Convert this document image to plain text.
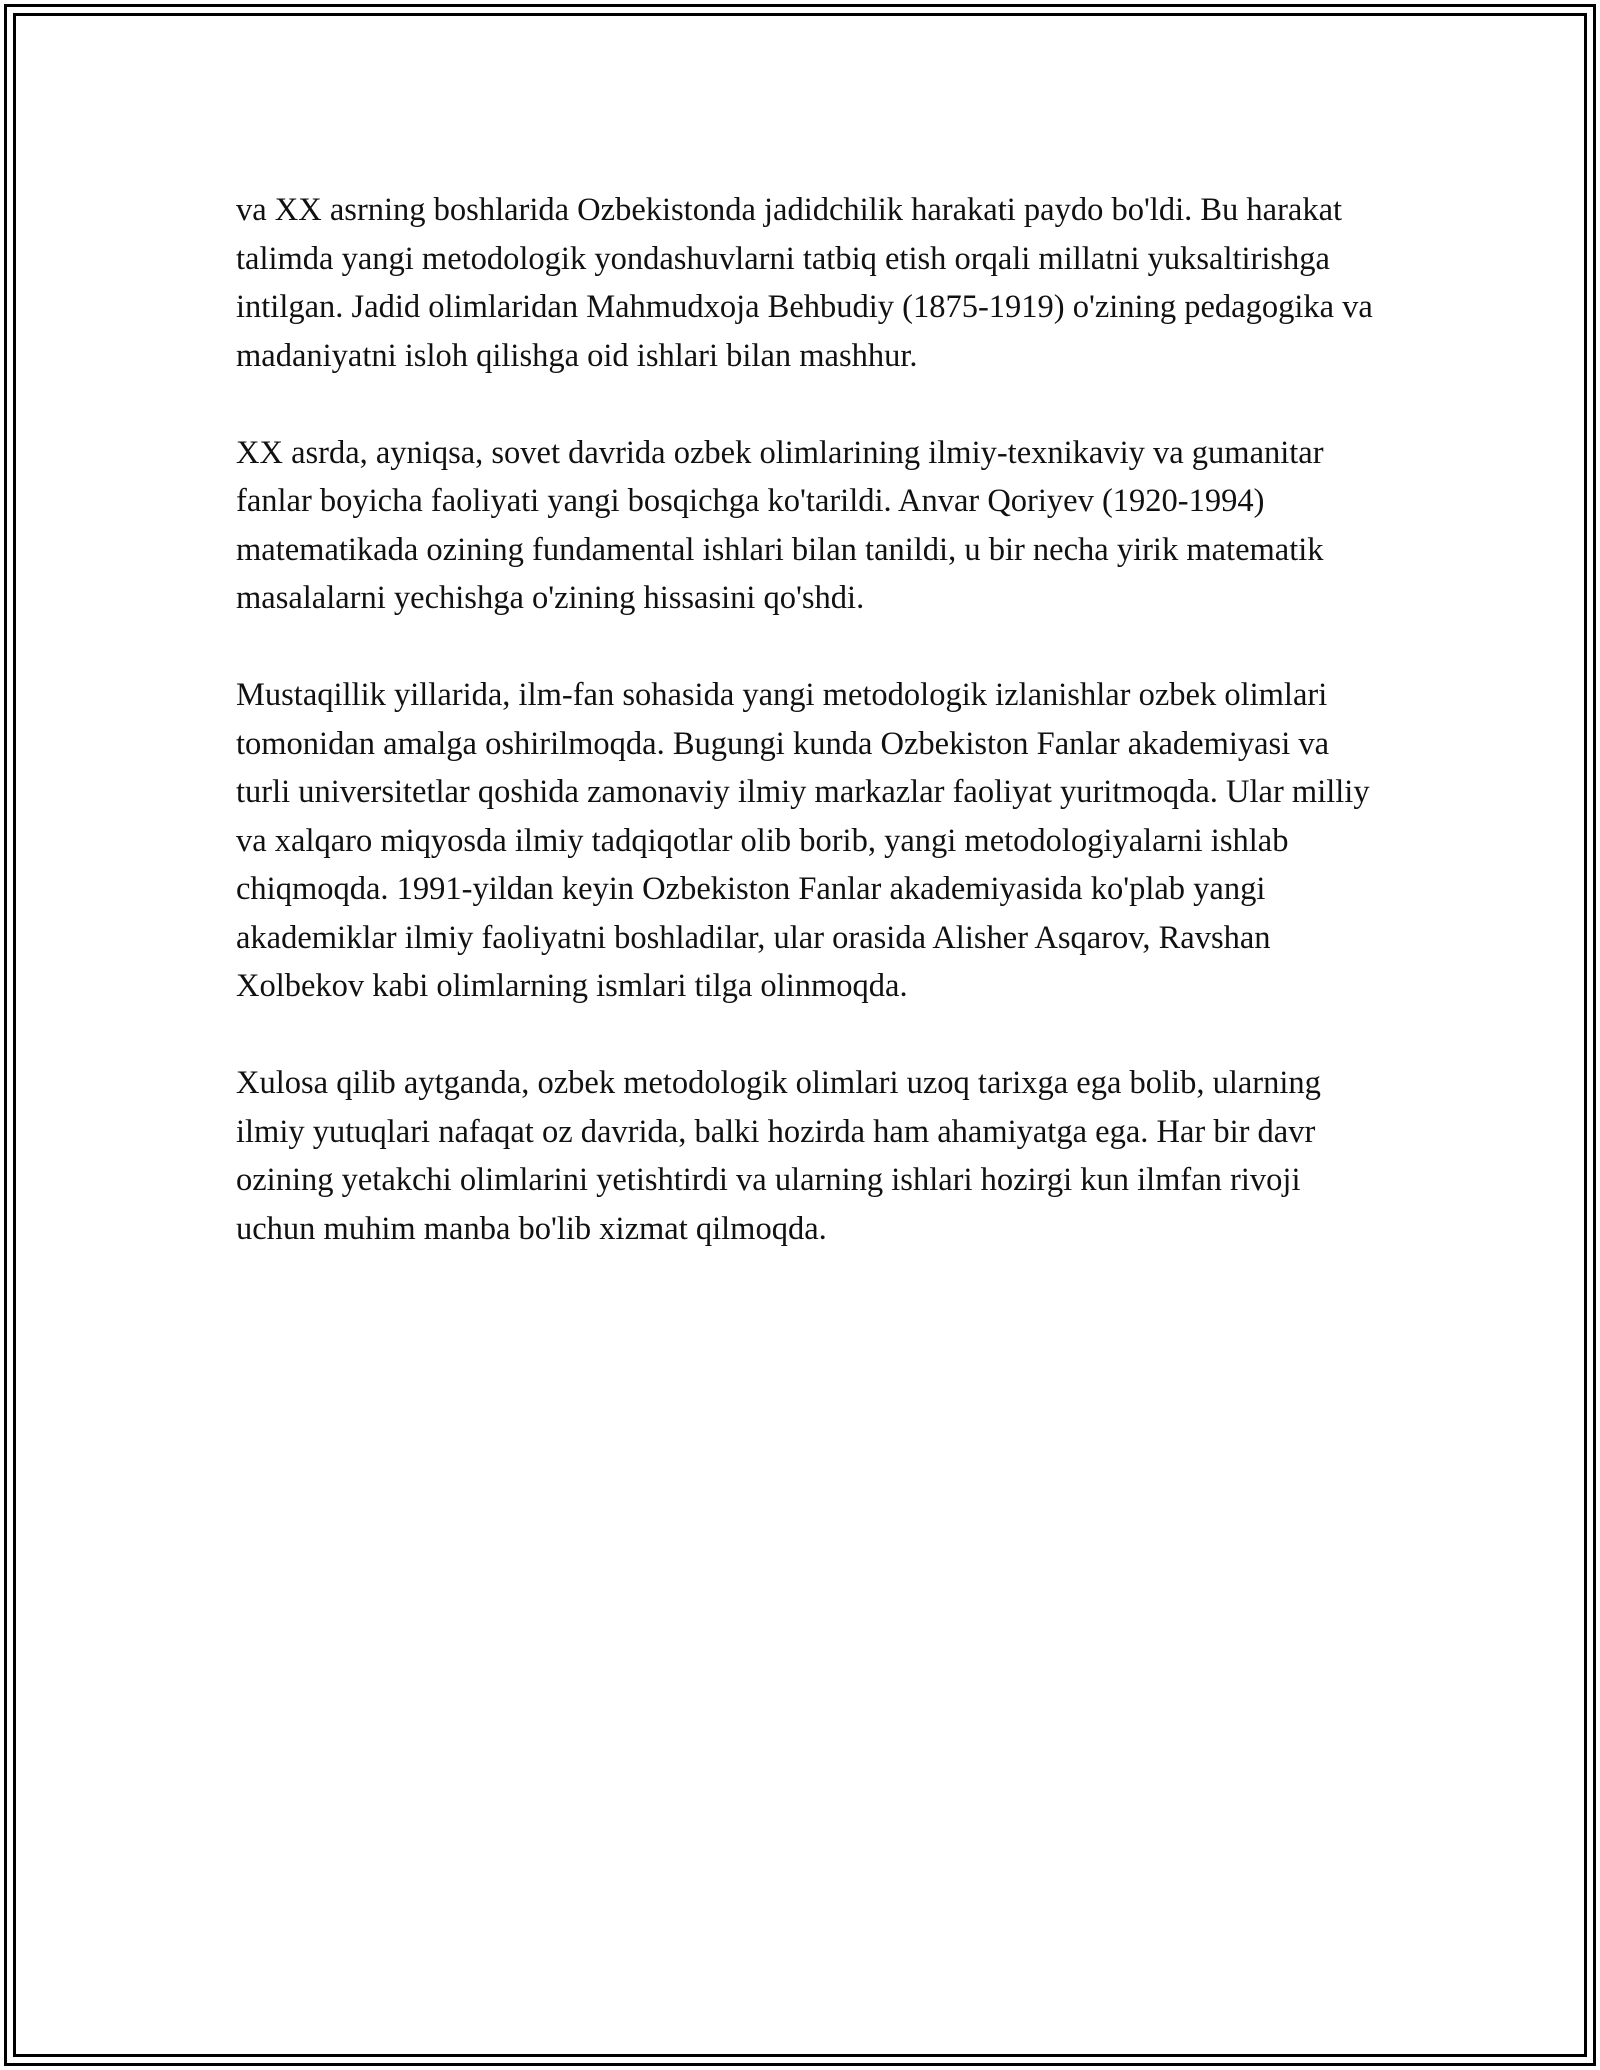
va XX asrning boshlarida Ozbekistonda jadidchilik harakati paydo bo'ldi. Bu harakat talimda yangi metodologik yondashuvlarni tatbiq etish orqali millatni yuksaltirishga intilgan. Jadid olimlaridan Mahmudxoja Behbudiy (1875-1919) o'zining pedagogika va madaniyatni isloh qilishga oid ishlari bilan mashhur.

XX asrda, ayniqsa, sovet davrida ozbek olimlarining ilmiy-texnikaviy va gumanitar fanlar boyicha faoliyati yangi bosqichga ko'tarildi. Anvar Qoriyev (1920-1994) matematikada ozining fundamental ishlari bilan tanildi, u bir necha yirik matematik masalalarni yechishga o'zining hissasini qo'shdi.

Mustaqillik yillarida, ilm-fan sohasida yangi metodologik izlanishlar ozbek olimlari tomonidan amalga oshirilmoqda. Bugungi kunda Ozbekiston Fanlar akademiyasi va turli universitetlar qoshida zamonaviy ilmiy markazlar faoliyat yuritmoqda. Ular milliy va xalqaro miqyosda ilmiy tadqiqotlar olib borib, yangi metodologiyalarni ishlab chiqmoqda. 1991-yildan keyin Ozbekiston Fanlar akademiyasida ko'plab yangi akademiklar ilmiy faoliyatni boshladilar, ular orasida Alisher Asqarov, Ravshan Xolbekov kabi olimlarning ismlari tilga olinmoqda.

Xulosa qilib aytganda, ozbek metodologik olimlari uzoq tarixga ega bolib, ularning ilmiy yutuqlari nafaqat oz davrida, balki hozirda ham ahamiyatga ega. Har bir davr ozining yetakchi olimlarini yetishtirdi va ularning ishlari hozirgi kun ilmfan rivoji uchun muhim manba bo'lib xizmat qilmoqda.
